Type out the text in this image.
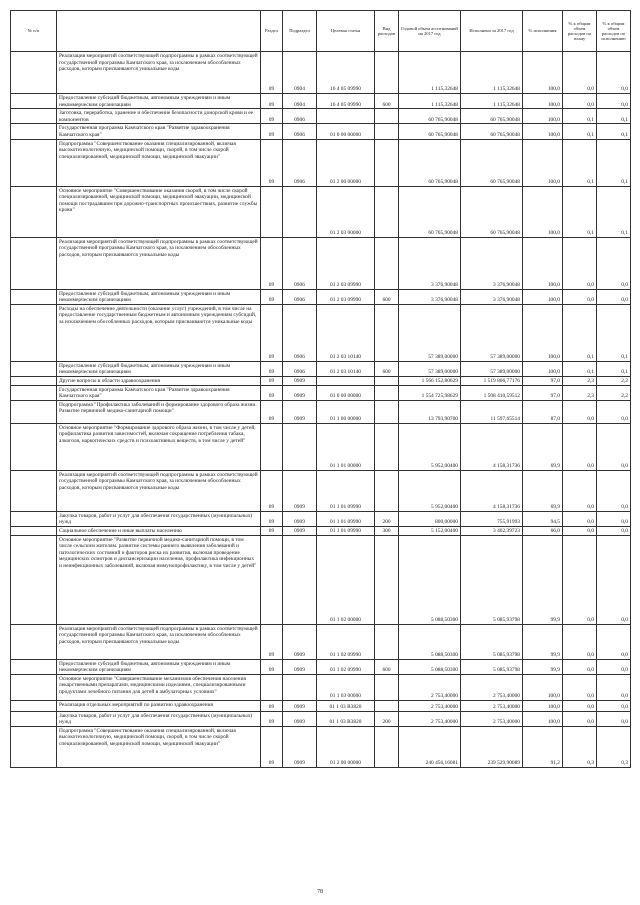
№ п/п		Раздел	Подраздел	Целевая статья	Вид расходов	Годовой объем ассигнований на 2017 год	Исполнено за 2017 год	% исполнения	% к общим объем расходов по плану	% к общим объем расходов по исполнению
	Реализация мероприятий соответствующей подпрограммы в рамках соответствующей государственной программы Камчатского края, за исключением обособленных расходов, которым присваиваются уникальные коды	09	0904	16 4 05 09990		1 115,32648	1 115,32648	100,0	0,0	0,0
	Предоставление субсидий бюджетным, автономным учреждениям и иным некоммерческим организациям	09	0904	16 4 05 09990	600	1 115,32648	1 115,32648	100,0	0,0	0,0
	Заготовка, переработка, хранение и обеспечение безопасности донорской крови и ее компонентов	09	0906			60 765,90048	60 765,90048	100,0	0,1	0,1
	Государственная программа Камчатского края "Развитие здравоохранения Камчатского края"	09	0906	01 0 00 00000		60 765,90048	60 765,90048	100,0	0,1	0,1
	Подпрограмма "Совершенствование оказания специализированной, включая высокотехнологичную, медицинской помощи, скорой, в том числе скорой специализированной, медицинской помощи, медицинской эвакуации"	09	0906	01 2 00 00000		60 765,90048	60 765,90048	100,0	0,1	0,1
	Основное мероприятие "Совершенствование оказания скорой, в том числе скорой специализированной, медицинской помощи, медицинской эвакуации, медицинской помощи пострадавшим при дорожно-транспортных происшествиях, развитие службы крови"			01 2 03 00000		60 765,90048	60 765,90048	100,0	0,1	0,1
	Реализация мероприятий соответствующей подпрограммы в рамках соответствующей государственной программы Камчатского края, за исключением обособленных расходов, которым присваиваются уникальные коды	09	0906	01 2 03 09990		3 376,90048	3 376,90048	100,0	0,0	0,0
	Предоставление субсидий бюджетным, автономным учреждениям и иным некоммерческим организациям	09	0906	01 2 03 09990	600	3 376,90048	3 376,90048	100,0	0,0	0,0
	Расходы на обеспечение деятельности (оказание услуг) учреждений, в том числе на предоставление государственным бюджетным и автономным учреждениям субсидий, за исключением обособленных расходов, которым присваиваются уникальные коды	09	0906	01 2 03 10140		57 389,00000	57 389,00000	100,0	0,1	0,1
	Предоставление субсидий бюджетным, автономным учреждениям и иным некоммерческим организациям	09	0906	01 2 03 10140	600	57 389,00000	57 389,00000	100,0	0,1	0,1
	Другие вопросы в области здравоохранения	09	0909			1 566 152,80629	1 519 806,77176	97,0	2,3	2,2
	Государственная программа Камчатского края "Развитие здравоохранения Камчатского края"	09	0909	01 0 00 00000		1 554 725,98629	1 508 410,59512	97,0	2,3	2,2
	Подпрограмма "Профилактика заболеваний и формирование здорового образа жизни. Развитие первичной медико-санитарной помощи"	09	0909	01 1 00 00000		13 793,90700	11 597,65514	87,0	0,0	0,0
	Основное мероприятие "Формирование здорового образа жизни, в том числе у детей, профилактика развития зависимостей, включая сокращение потребления табака, алкоголя, наркотических средств и психоактивных веществ, в том числе у детей"			01 1 01 00000		5 952,00400	4 158,31736	69,9	0,0	0,0
	Реализация мероприятий соответствующей подпрограммы в рамках соответствующей государственной программы Камчатского края, за исключением обособленных расходов, которым присваиваются уникальные коды	09	0909	01 1 01 09990		5 952,00400	4 158,31736	69,9	0,0	0,0
	Закупка товаров, работ и услуг для обеспечения государственных (муниципальных) нужд	09	0909	01 1 01 09990	200	800,00000	755,91993	94,5	0,0	0,0
	Социальное обеспечение и иные выплаты населению	09	0909	01 1 01 09990	300	5 152,00400	3 402,39723	66,0	0,0	0,0
	Основное мероприятие "Развитие первичной медико-санитарной помощи, в том числе сельским жителям. развитие системы раннего выявления заболеваний и патологических состояний и факторов риска их развития, включая проведение медицинских осмотров и диспансеризации населения, профилактика инфекционных и неинфекционных заболеваний, включая иммунопрофилактику, в том числе у детей"			01 1 02 00000		5 088,50300	5 085,93798	99,9	0,0	0,0
	Реализация мероприятий соответствующей подпрограммы в рамках соответствующей государственной программы Камчатского края, за исключением обособленных расходов, которым присваиваются уникальные коды	09	0909	01 1 02 09990		5 088,50300	5 085,93798	99,9	0,0	0,0
	Предоставление субсидий бюджетным, автономным учреждениям и иным некоммерческим организациям	09	0909	01 1 02 09990	600	5 088,50300	5 085,93798	99,9	0,0	0,0
	Основное мероприятие "Совершенствование механизмов обеспечения населения лекарственными препаратами, медицинскими изделиями, специализированными продуктами лечебного питания для детей в амбулаторных условиях"			01 1 03 00000		2 753,40000	2 753,40000	100,0	0,0	0,0
	Реализация отдельных мероприятий по развитию здравоохранения	09	0909	01 1 03 R3820		2 753,40000	2 753,40000	100,0	0,0	0,0
	Закупка товаров, работ и услуг для обеспечения государственных (муниципальных) нужд	09	0909	01 1 03 R3820	200	2 753,40000	2 753,40000	100,0	0,0	0,0
	Подпрограмма "Совершенствование оказания специализированной, включая высокотехнологичную, медицинской помощи, скорой, в том числе скорой специализированной, медицинской помощи, медицинской эвакуации"	09	0909	01 2 00 00000		240 456,16081	239 529,90089	91,2	0,3	0,3
78
